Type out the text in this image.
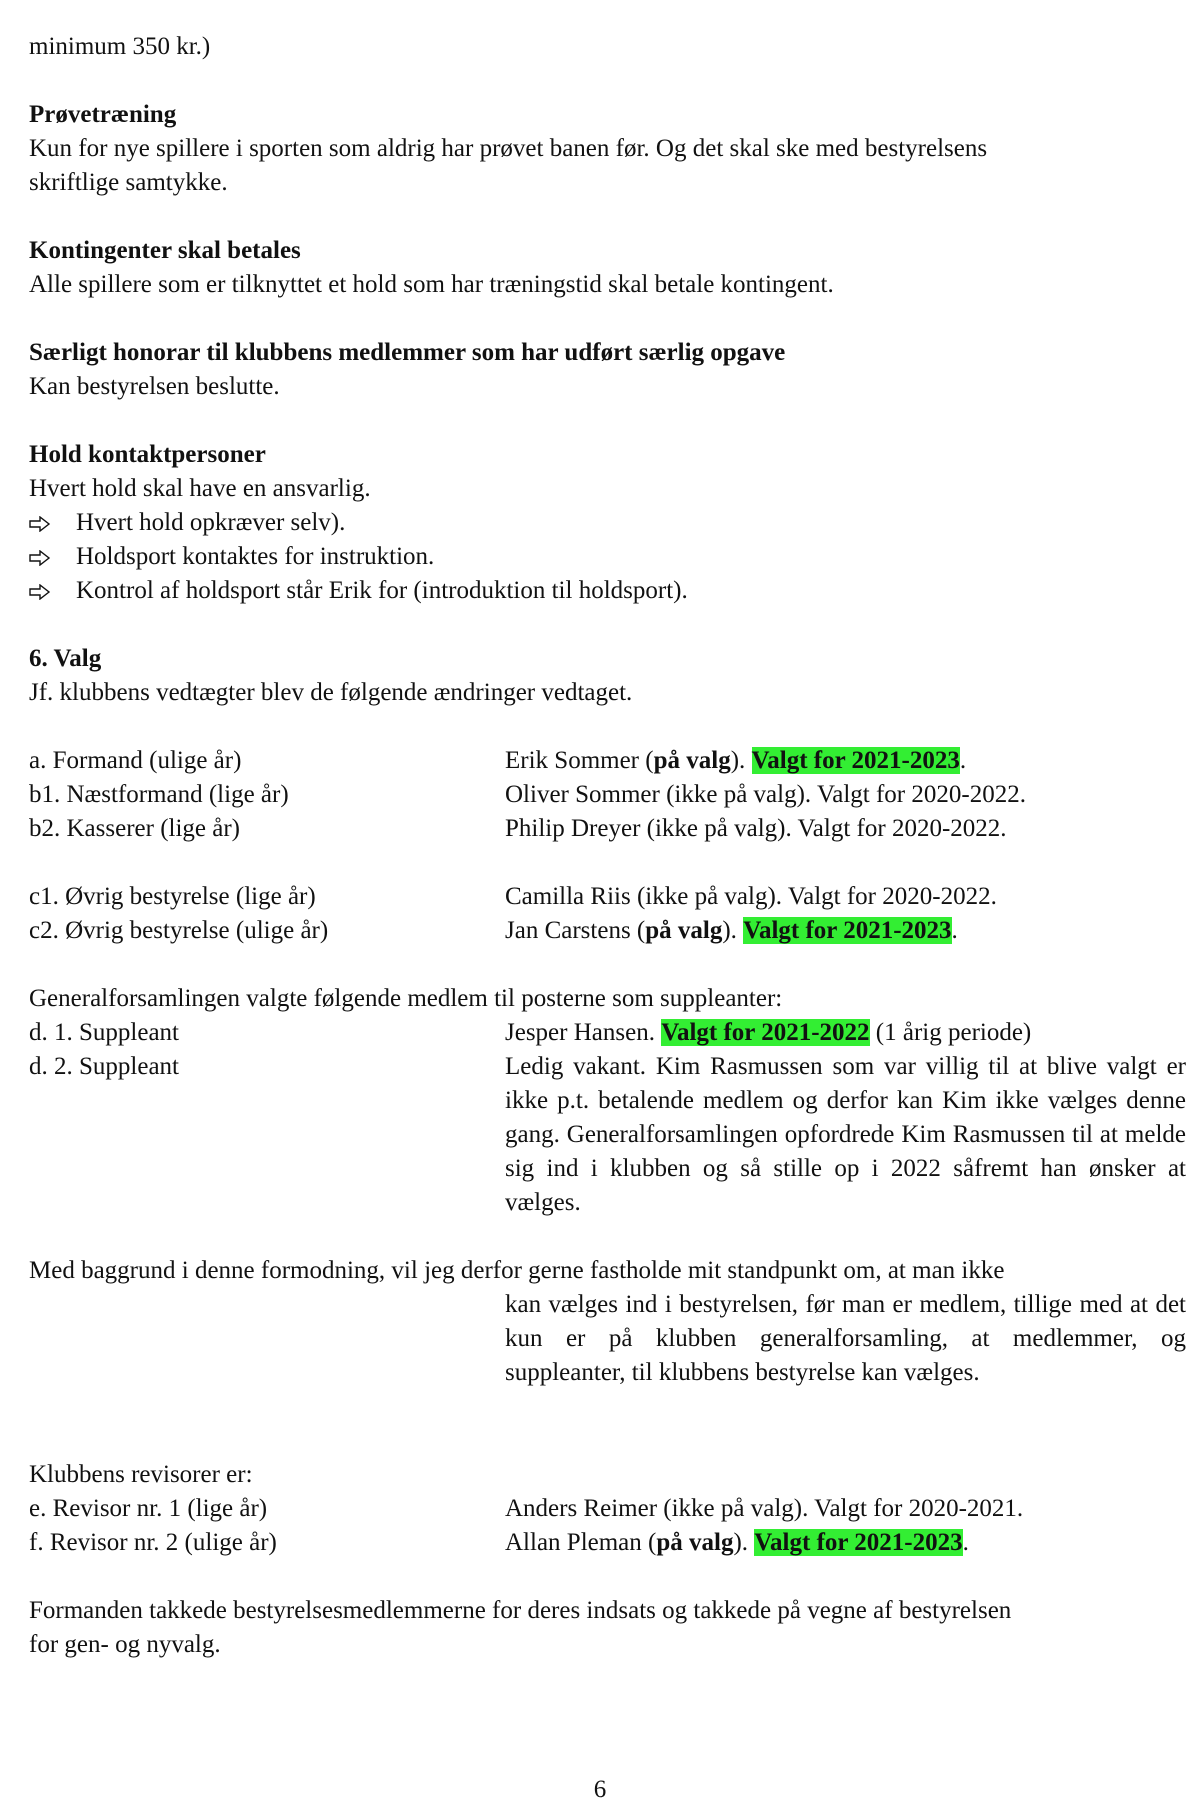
minimum 350 kr.)
Prøvetræning
Kun for nye spillere i sporten som aldrig har prøvet banen før. Og det skal ske med bestyrelsens
skriftlige samtykke.
Kontingenter skal betales
Alle spillere som er tilknyttet et hold som har træningstid skal betale kontingent.
Særligt honorar til klubbens medlemmer som har udført særlig opgave
Kan bestyrelsen beslutte.
Hold kontaktpersoner
Hvert hold skal have en ansvarlig.
Hvert hold opkræver selv).
Holdsport kontaktes for instruktion.
Kontrol af holdsport står Erik for (introduktion til holdsport).
6. Valg
Jf. klubbens vedtægter blev de følgende ændringer vedtaget.
a. Formand (ulige år)	Erik Sommer (på valg). Valgt for 2021-2023.
b1. Næstformand (lige år)	Oliver Sommer (ikke på valg). Valgt for 2020-2022.
b2. Kasserer (lige år)	Philip Dreyer (ikke på valg). Valgt for 2020-2022.
c1. Øvrig bestyrelse (lige år)	Camilla Riis (ikke på valg). Valgt for 2020-2022.
c2. Øvrig bestyrelse (ulige år)	Jan Carstens (på valg). Valgt for 2021-2023.
Generalforsamlingen valgte følgende medlem til posterne som suppleanter:
d. 1. Suppleant	Jesper Hansen. Valgt for 2021-2022 (1 årig periode)
d. 2. Suppleant	Ledig vakant. Kim Rasmussen som var villig til at blive valgt er ikke p.t. betalende medlem og derfor kan Kim ikke vælges denne gang. Generalforsamlingen opfordrede Kim Rasmussen til at melde sig ind i klubben og så stille op i 2022 såfremt han ønsker at vælges.
Med baggrund i denne formodning, vil jeg derfor gerne fastholde mit standpunkt om, at man ikke
kan vælges ind i bestyrelsen, før man er medlem, tillige med at det kun er på klubben generalforsamling, at medlemmer, og suppleanter, til klubbens bestyrelse kan vælges.
Klubbens revisorer er:
e. Revisor nr. 1 (lige år)	Anders Reimer (ikke på valg). Valgt for 2020-2021.
f. Revisor nr. 2 (ulige år)	Allan Pleman (på valg). Valgt for 2021-2023.
Formanden takkede bestyrelsesmedlemmerne for deres indsats og takkede på vegne af bestyrelsen
for gen- og nyvalg.
6
